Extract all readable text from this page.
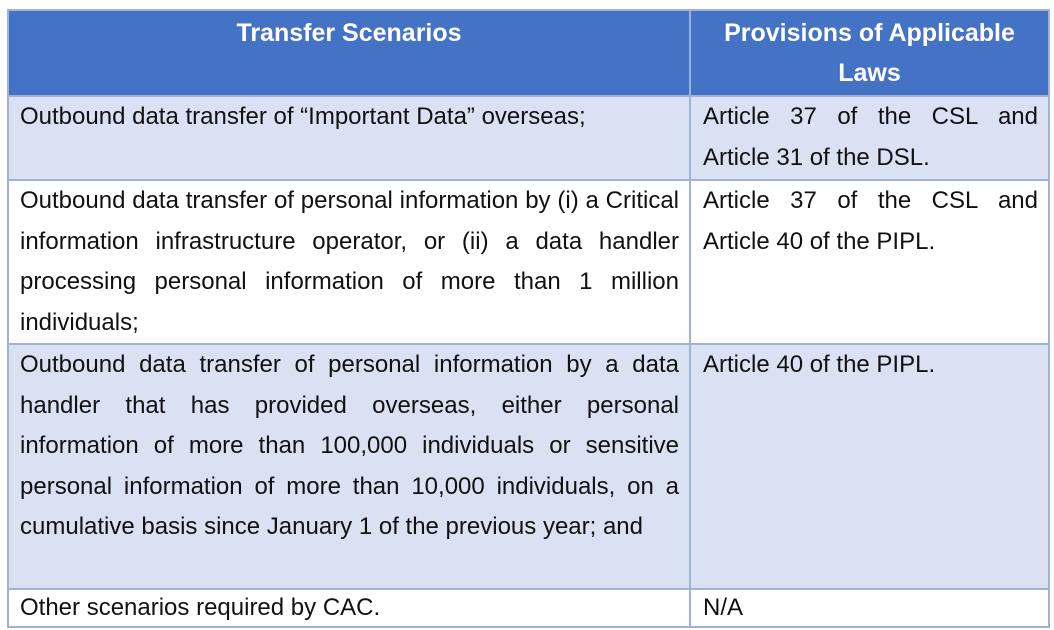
Transfer Scenarios	Provisions of Applicable Laws

Outbound data transfer of “Important Data” overseas;	Article 37 of the CSL and Article 31 of the DSL.

Outbound data transfer of personal information by (i) a Critical information infrastructure operator, or (ii) a data handler processing personal information of more than 1 million individuals;	Article 37 of the CSL and Article 40 of the PIPL.

Outbound data transfer of personal information by a data handler that has provided overseas, either personal information of more than 100,000 individuals or sensitive personal information of more than 10,000 individuals, on a cumulative basis since January 1 of the previous year; and	Article 40 of the PIPL.

Other scenarios required by CAC.	N/A
